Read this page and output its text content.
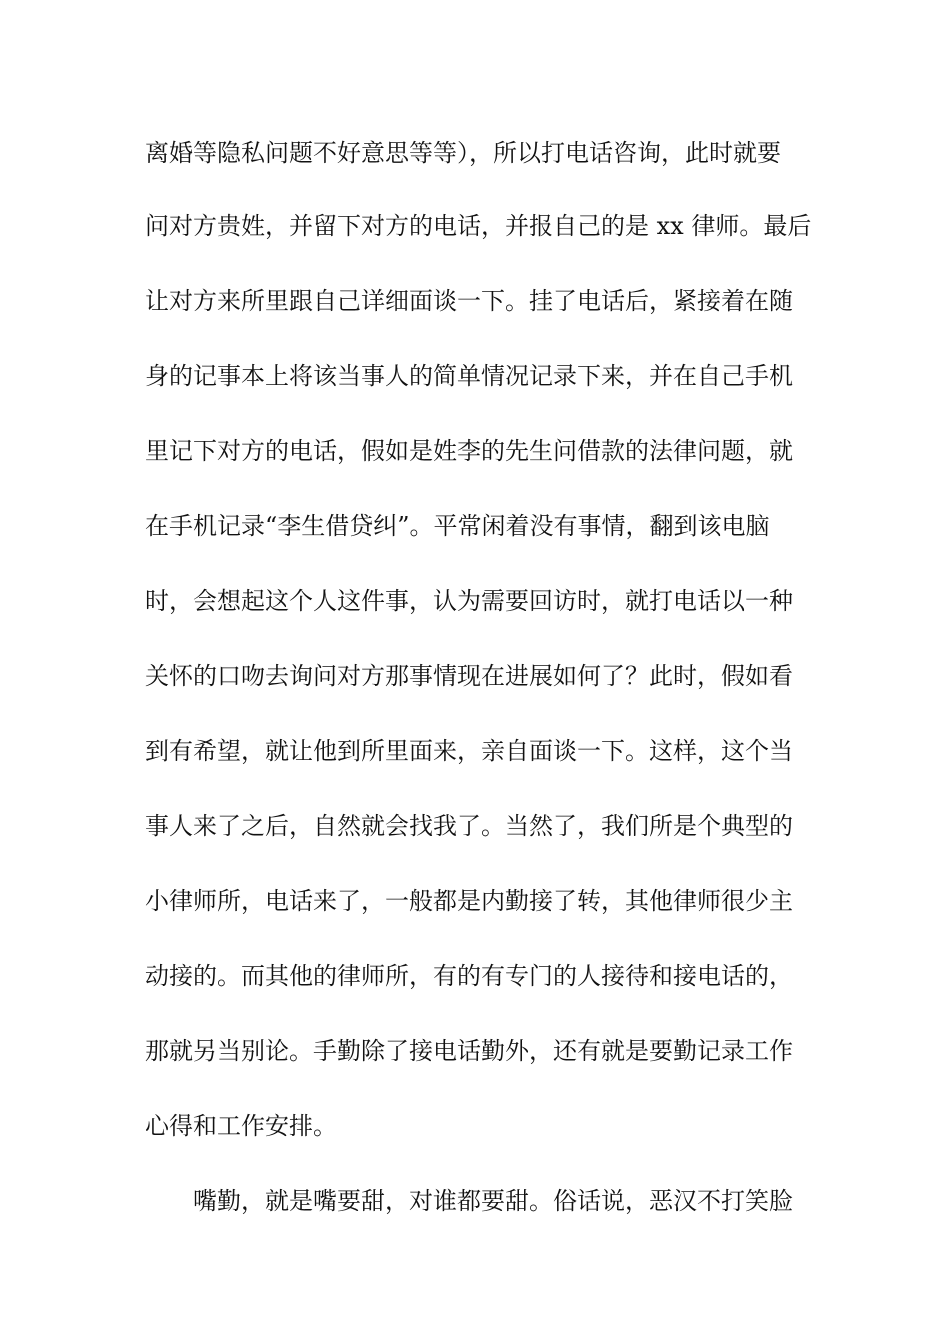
离婚等隐私问题不好意思等等），所以打电话咨询，此时就要
问对方贵姓，并留下对方的电话，并报自己的是 xx 律师。最后
让对方来所里跟自己详细面谈一下。挂了电话后，紧接着在随
身的记事本上将该当事人的简单情况记录下来，并在自己手机
里记下对方的电话，假如是姓李的先生问借款的法律问题，就
在手机记录“李生借贷纠”。平常闲着没有事情，翻到该电脑
时，会想起这个人这件事，认为需要回访时，就打电话以一种
关怀的口吻去询问对方那事情现在进展如何了？此时，假如看
到有希望，就让他到所里面来，亲自面谈一下。这样，这个当
事人来了之后，自然就会找我了。当然了，我们所是个典型的
小律师所，电话来了，一般都是内勤接了转，其他律师很少主
动接的。而其他的律师所，有的有专门的人接待和接电话的，
那就另当别论。手勤除了接电话勤外，还有就是要勤记录工作
心得和工作安排。
嘴勤，就是嘴要甜，对谁都要甜。俗话说，恶汉不打笑脸
